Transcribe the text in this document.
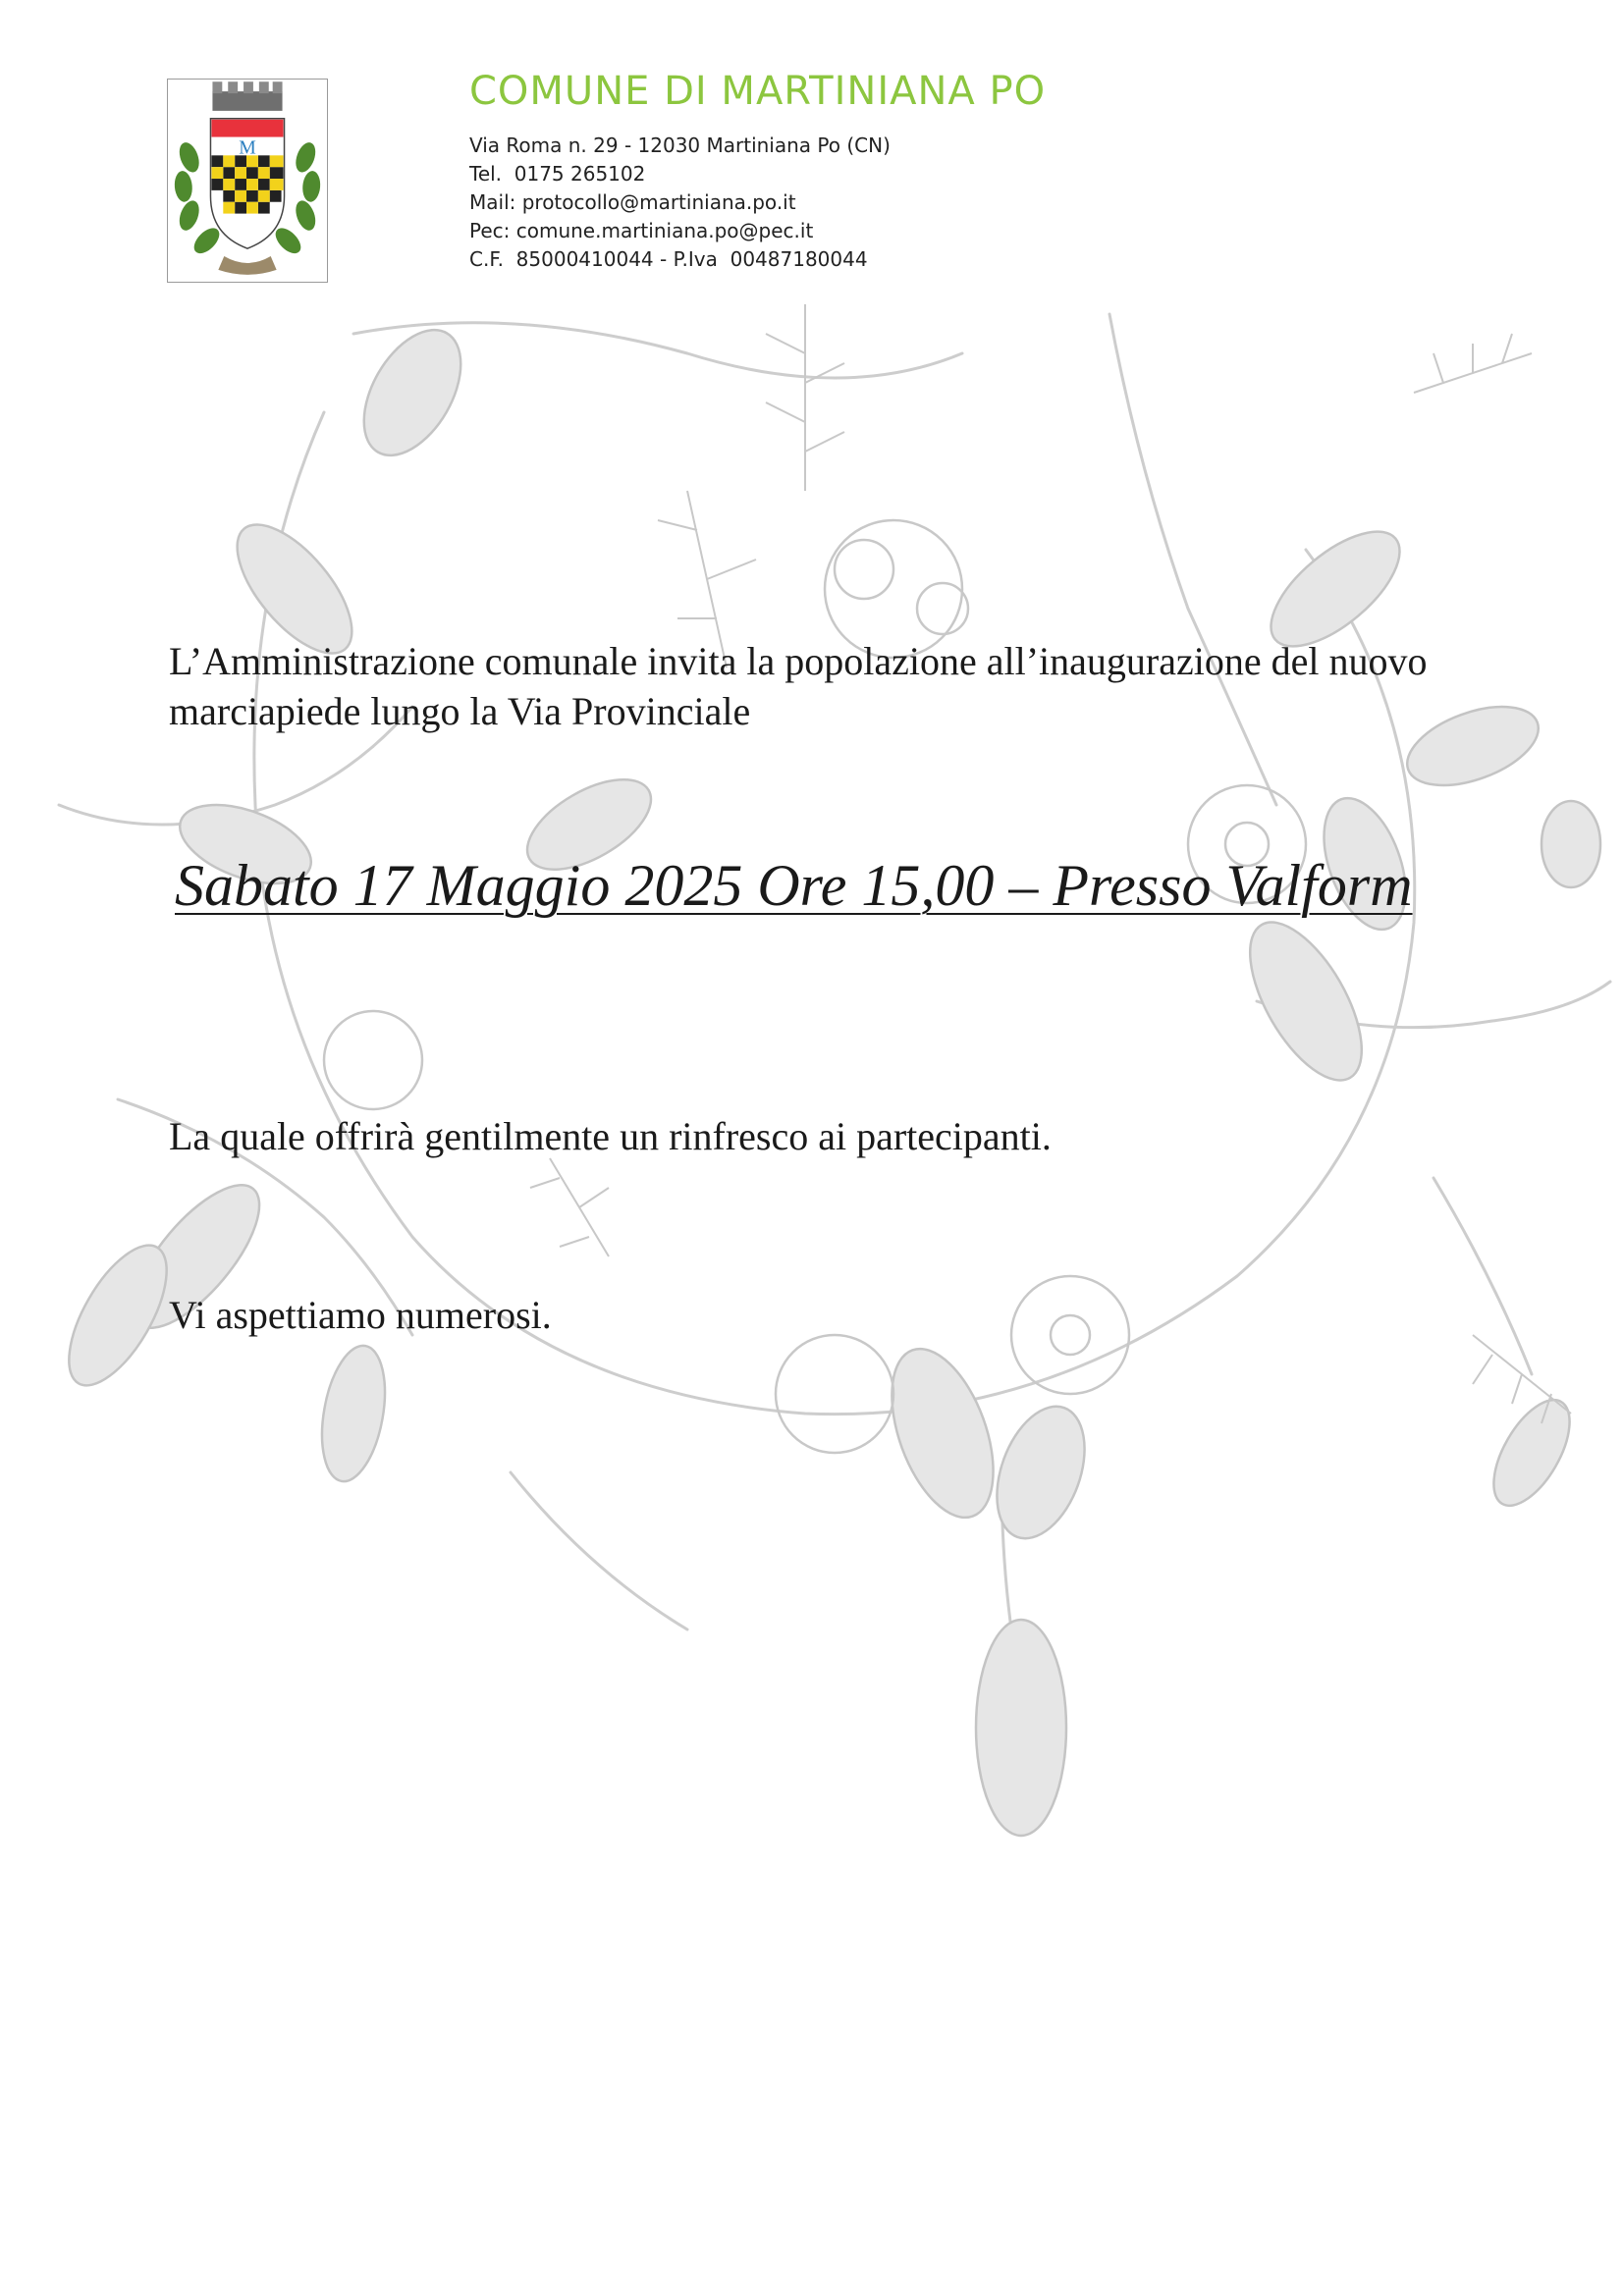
M
COMUNE DI MARTINIANA PO
Via Roma n. 29 - 12030 Martiniana Po (CN)
Tel.  0175 265102
Mail: protocollo@martiniana.po.it
Pec: comune.martiniana.po@pec.it
C.F.  85000410044 - P.Iva  00487180044
L’Amministrazione comunale invita la popolazione all’inaugurazione del nuovo marciapiede lungo la Via Provinciale
Sabato 17 Maggio 2025 Ore 15,00 – Presso Valform
La quale offrirà gentilmente un rinfresco ai partecipanti.
Vi aspettiamo numerosi.
